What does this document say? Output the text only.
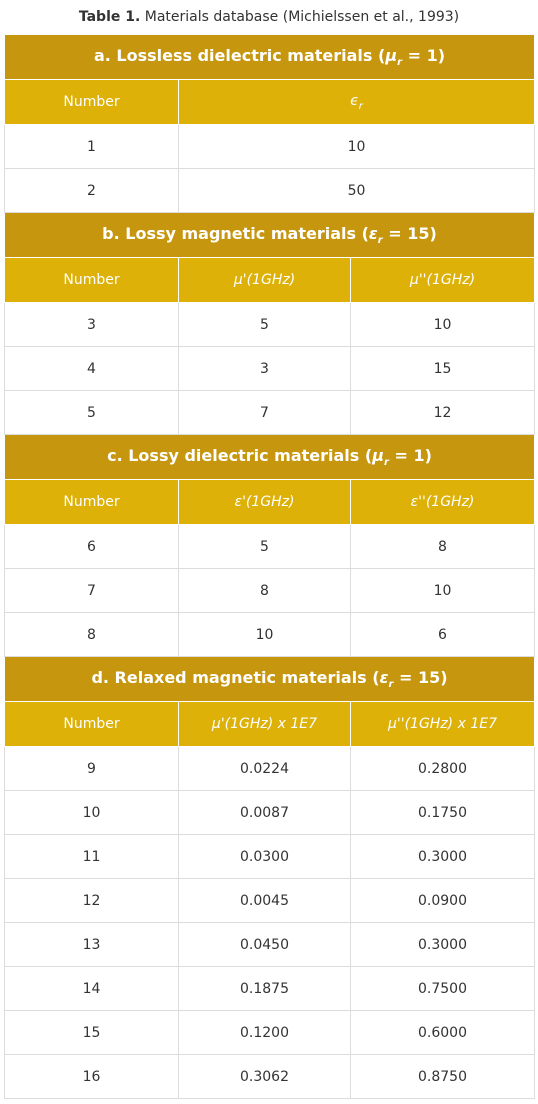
Table 1. Materials database (Michielssen et al., 1993)
a. Lossless dielectric materials $(\mu_r = 1)$		
Number	$\epsilon_r$
1	10	
2	50	
b. Lossy magnetic materials $(\varepsilon_r = 15)$		
Number	μ'(1GHz)	μ''(1GHz)
3	5	10
4	3	15
5	7	12
c. Lossy dielectric materials $(\mu_r = 1)$		
Number	ε'(1GHz)	ε''(1GHz)
6	5	8
7	8	10
8	10	6
d. Relaxed magnetic materials $(\varepsilon_r = 15)$		
Number	μ'(1GHz) x 1E7	μ''(1GHz) x 1E7
9	0.0224	0.2800
10	0.0087	0.1750
11	0.0300	0.3000
12	0.0045	0.0900
13	0.0450	0.3000
14	0.1875	0.7500
15	0.1200	0.6000
16	0.3062	0.8750
